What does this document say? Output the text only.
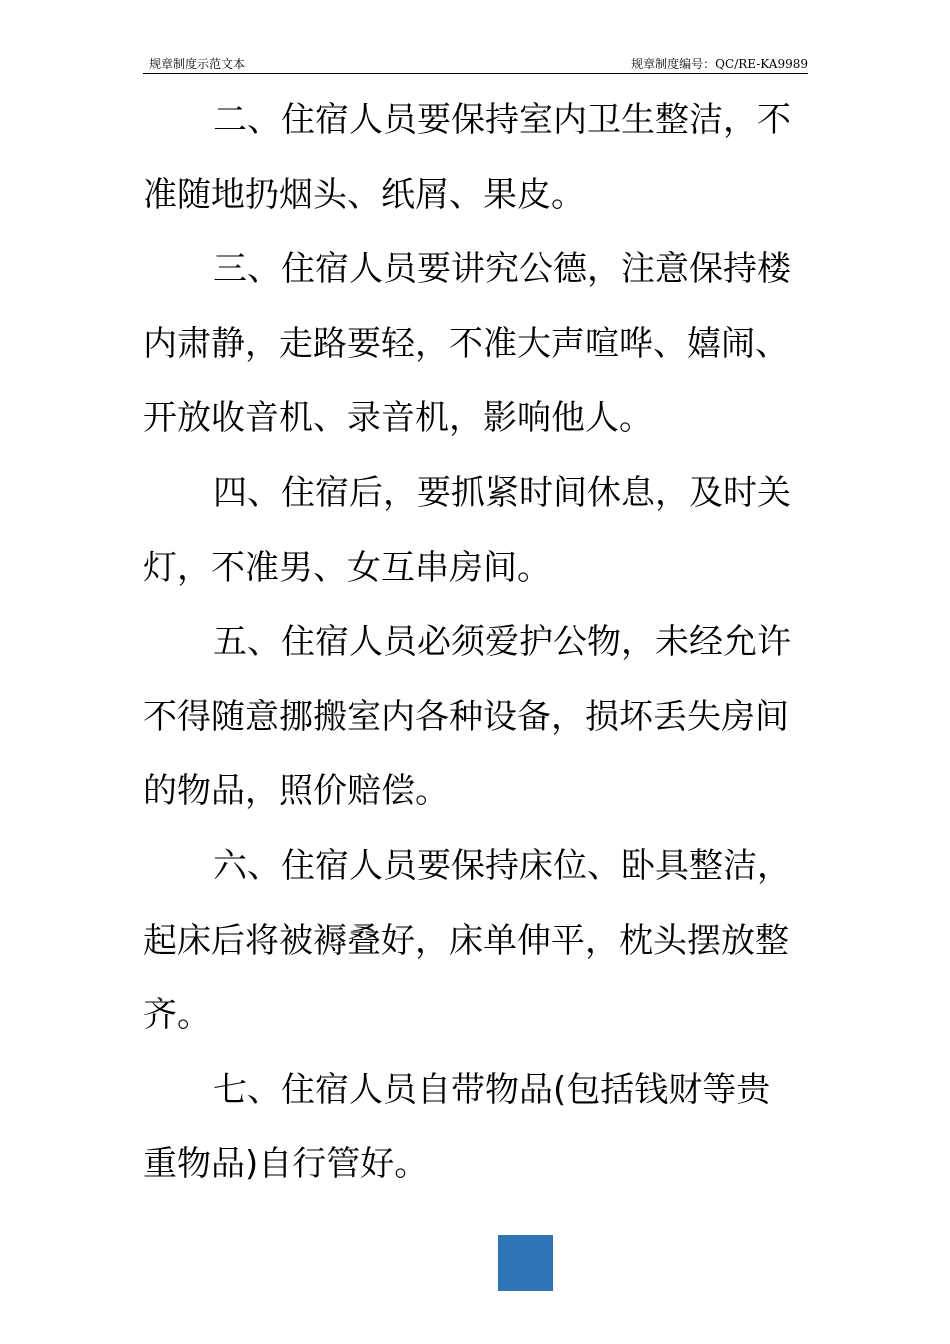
规章制度示范文本	规章制度编号：QC/RE-KA9989

二、住宿人员要保持室内卫生整洁，不准随地扔烟头、纸屑、果皮。

三、住宿人员要讲究公德，注意保持楼内肃静，走路要轻，不准大声喧哗、嬉闹、开放收音机、录音机，影响他人。

四、住宿后，要抓紧时间休息，及时关灯，不准男、女互串房间。

五、住宿人员必须爱护公物，未经允许不得随意挪搬室内各种设备，损坏丢失房间的物品，照价赔偿。

六、住宿人员要保持床位、卧具整洁，起床后将被褥叠好，床单伸平，枕头摆放整齐。

七、住宿人员自带物品(包括钱财等贵重物品)自行管好。
